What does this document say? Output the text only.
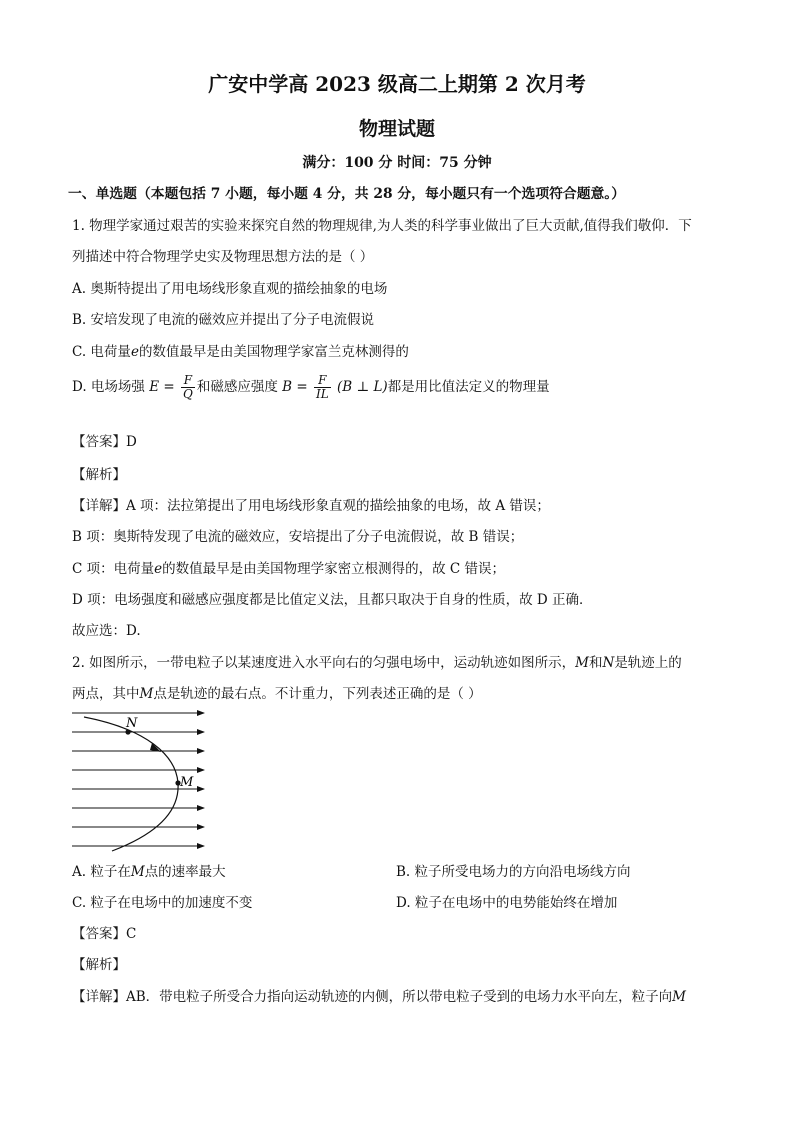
广安中学高 2023 级高二上期第 2 次月考
物理试题
满分：100 分 时间：75 分钟
一、单选题（本题包括 7 小题，每小题 4 分，共 28 分，每小题只有一个选项符合题意。）
1. 物理学家通过艰苦的实验来探究自然的物理规律,为人类的科学事业做出了巨大贡献,值得我们敬仰．下
列描述中符合物理学史实及物理思想方法的是（ ）
A. 奥斯特提出了用电场线形象直观的描绘抽象的电场
B. 安培发现了电流的磁效应并提出了分子电流假说
C. 电荷量e的数值最早是由美国物理学家富兰克林测得的
D. 电场场强 $E = \frac{F}{Q}$ 和磁感应强度 $B = \frac{F}{IL} (B$ ⊥ L)都是用比值法定义的物理量
【答案】D
【解析】
【详解】A 项：法拉第提出了用电场线形象直观的描绘抽象的电场，故 A 错误；
B 项：奥斯特发现了电流的磁效应，安培提出了分子电流假说，故 B 错误；
C 项：电荷量e的数值最早是由美国物理学家密立根测得的，故 C 错误；
D 项：电场强度和磁感应强度都是比值定义法，且都只取决于自身的性质，故 D 正确．
故应选：D.
2. 如图所示，一带电粒子以某速度进入水平向右的匀强电场中，运动轨迹如图所示，M和N是轨迹上的
两点，其中M点是轨迹的最右点。不计重力，下列表述正确的是（ ）
N
M
A. 粒子在M点的速率最大	B. 粒子所受电场力的方向沿电场线方向
C. 粒子在电场中的加速度不变	D. 粒子在电场中的电势能始终在增加
【答案】C
【解析】
【详解】AB．带电粒子所受合力指向运动轨迹的内侧，所以带电粒子受到的电场力水平向左，粒子向M
